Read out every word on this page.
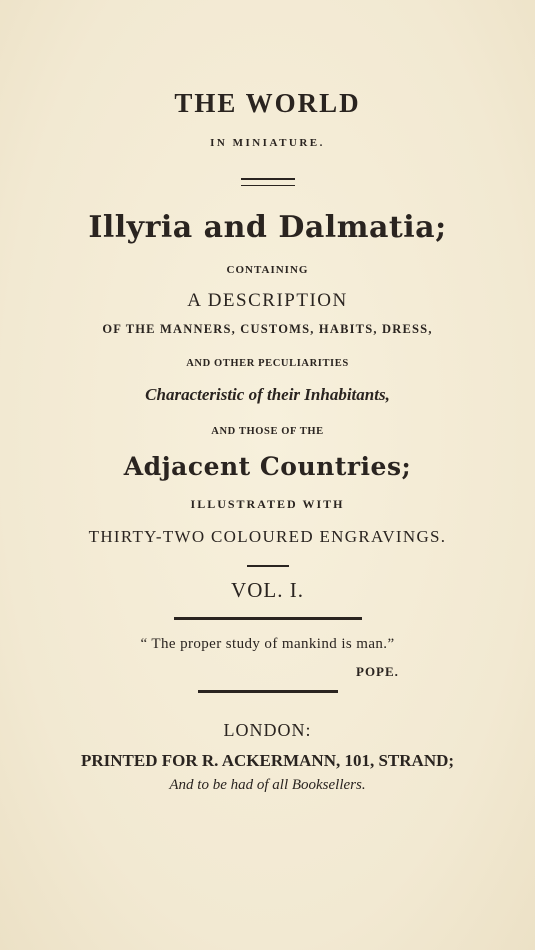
THE WORLD
IN MINIATURE.
Illyria and Dalmatia;
CONTAINING
A DESCRIPTION
OF THE MANNERS, CUSTOMS, HABITS, DRESS,
AND OTHER PECULIARITIES
Characteristic of their Inhabitants,
AND THOSE OF THE
Adjacent Countries;
ILLUSTRATED WITH
THIRTY-TWO COLOURED ENGRAVINGS.
VOL. I.
“ The proper study of mankind is man.”
POPE.
LONDON:
PRINTED FOR R. ACKERMANN, 101, STRAND;
And to be had of all Booksellers.
